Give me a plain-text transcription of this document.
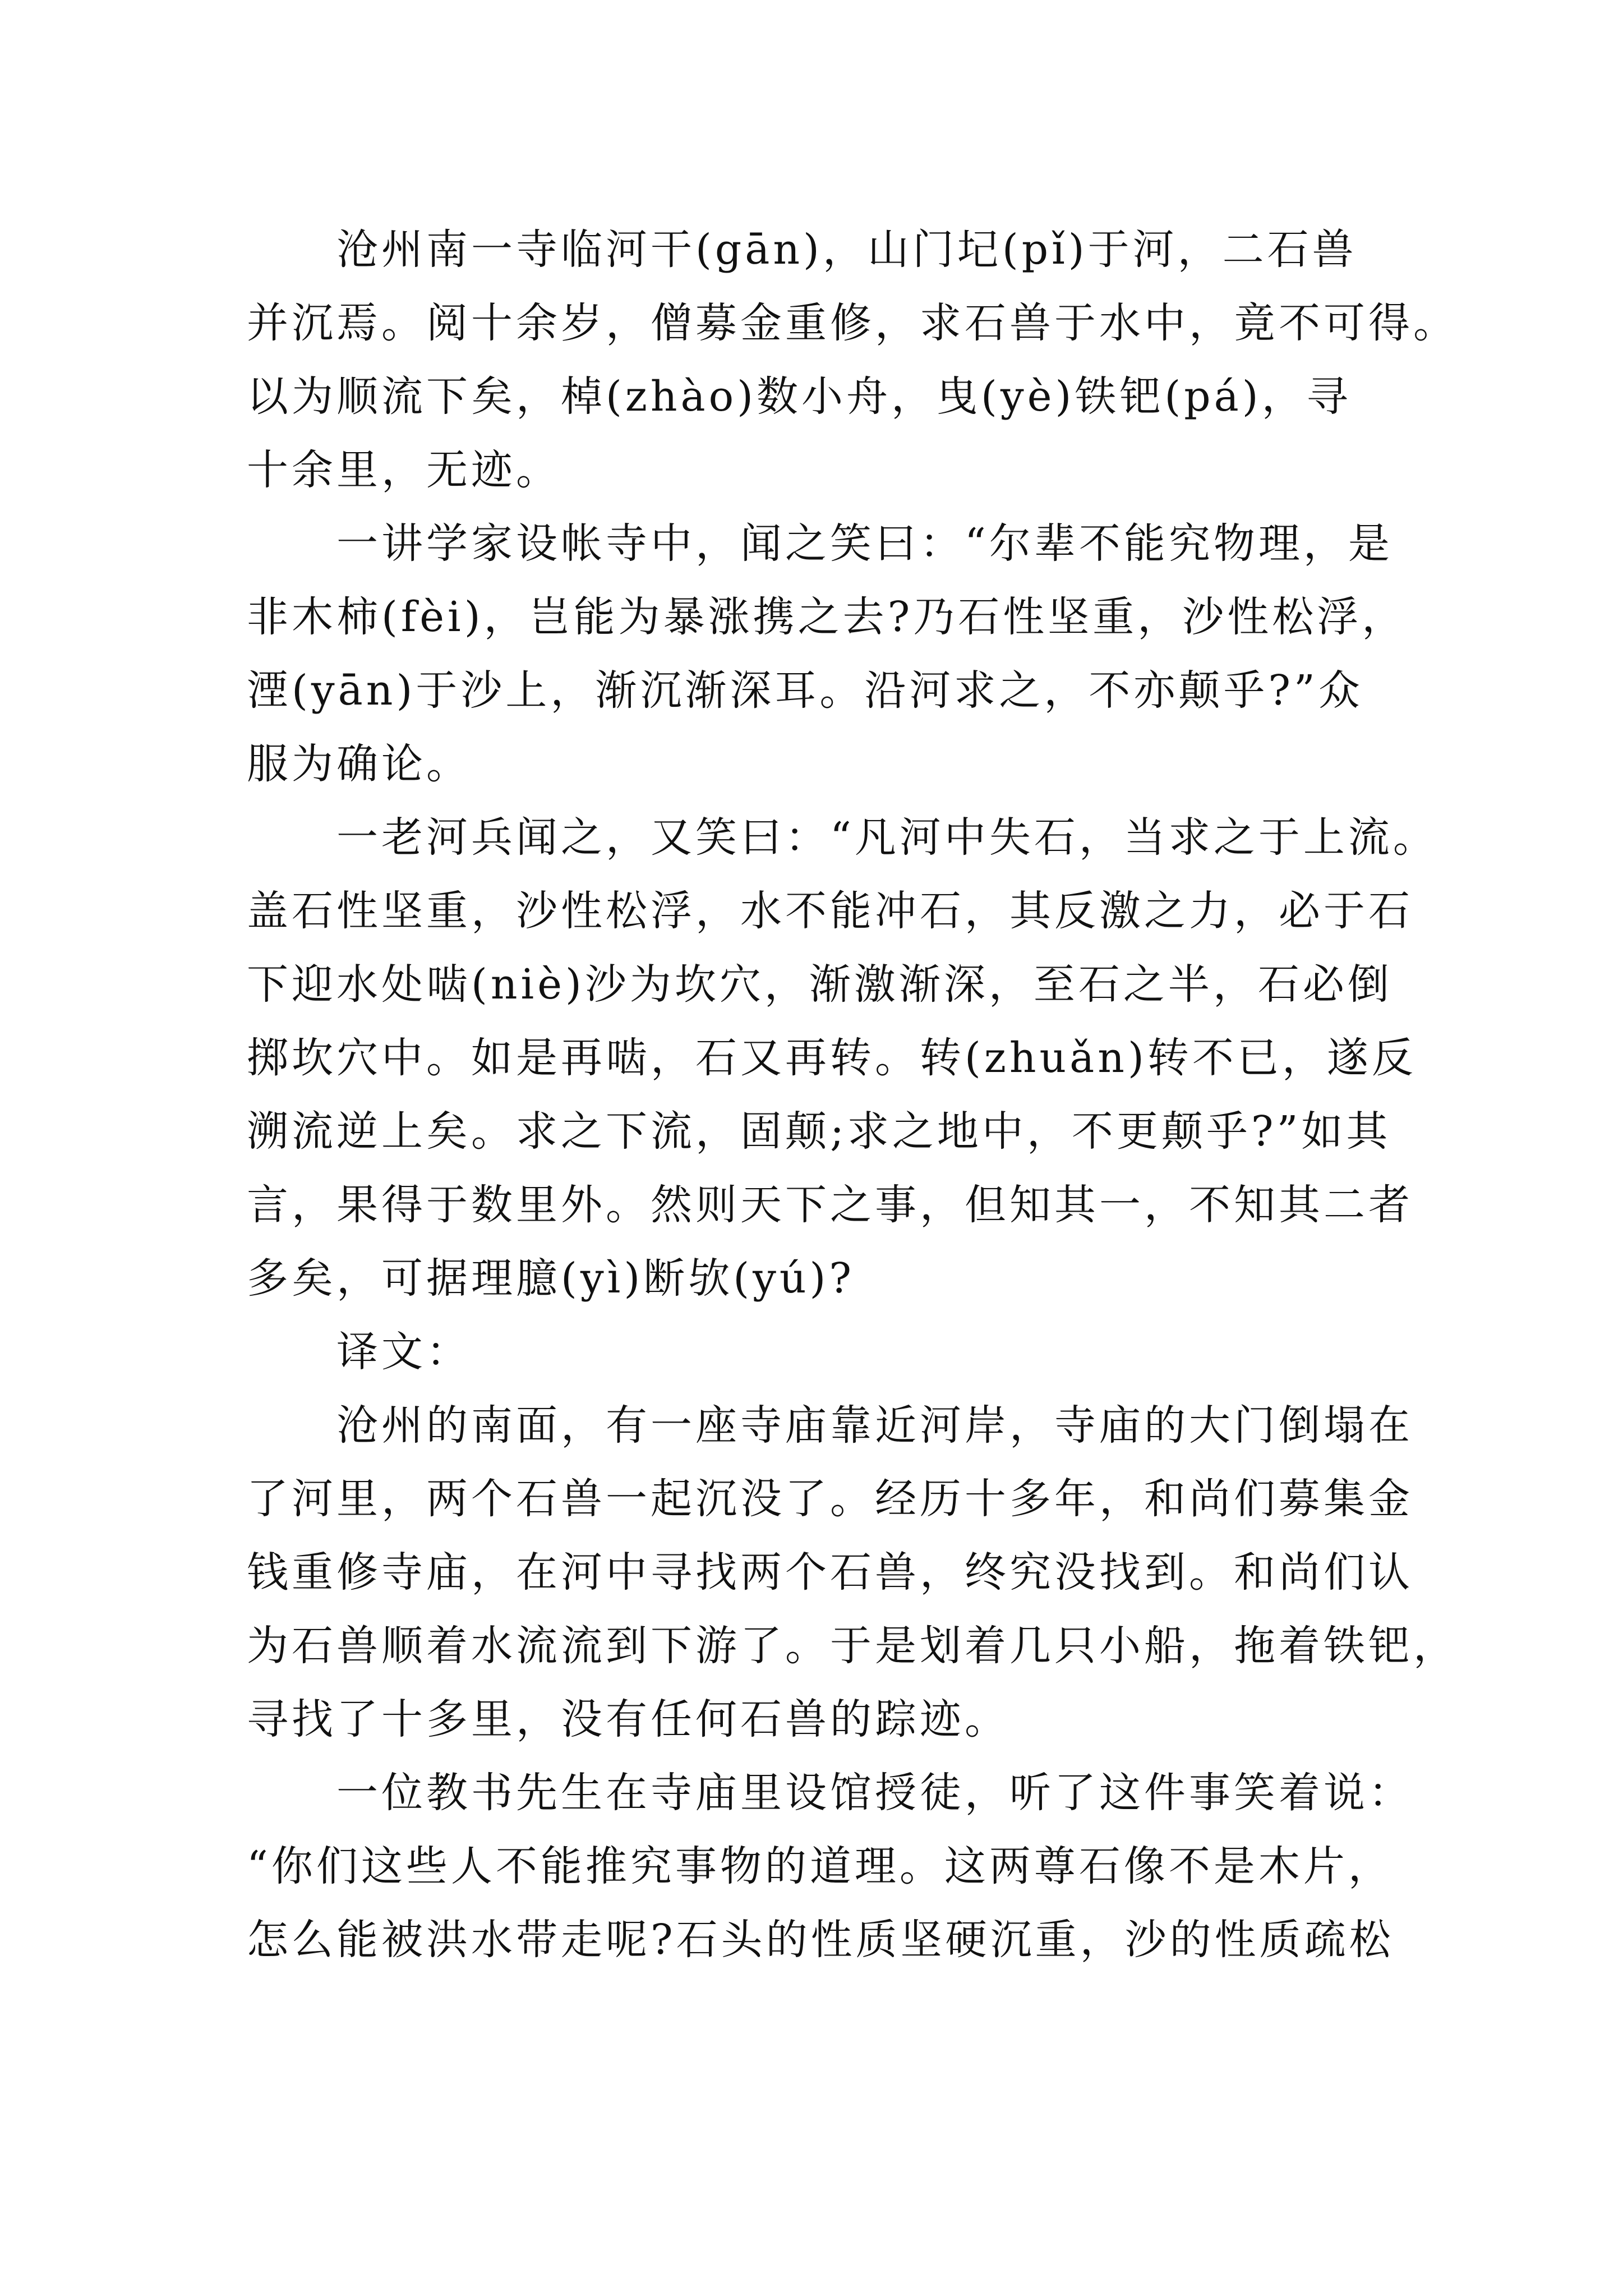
　　沧州南一寺临河干(gān)，山门圮(pǐ)于河，二石兽
并沉焉。阅十余岁，僧募金重修，求石兽于水中，竟不可得。
以为顺流下矣，棹(zhào)数小舟，曳(yè)铁钯(pá)，寻
十余里，无迹。
　　一讲学家设帐寺中，闻之笑曰：“尔辈不能究物理，是
非木柿(fèi)，岂能为暴涨携之去?乃石性坚重，沙性松浮，
湮(yān)于沙上，渐沉渐深耳。沿河求之，不亦颠乎?”众
服为确论。
　　一老河兵闻之，又笑曰：“凡河中失石，当求之于上流。
盖石性坚重，沙性松浮，水不能冲石，其反激之力，必于石
下迎水处啮(niè)沙为坎穴，渐激渐深，至石之半，石必倒
掷坎穴中。如是再啮，石又再转。转(zhuǎn)转不已，遂反
溯流逆上矣。求之下流，固颠;求之地中，不更颠乎?”如其
言，果得于数里外。然则天下之事，但知其一，不知其二者
多矣，可据理臆(yì)断欤(yú)?
　　译文：
　　沧州的南面，有一座寺庙靠近河岸，寺庙的大门倒塌在
了河里，两个石兽一起沉没了。经历十多年，和尚们募集金
钱重修寺庙，在河中寻找两个石兽，终究没找到。和尚们认
为石兽顺着水流流到下游了。于是划着几只小船，拖着铁钯，
寻找了十多里，没有任何石兽的踪迹。
　　一位教书先生在寺庙里设馆授徒，听了这件事笑着说：
“你们这些人不能推究事物的道理。这两尊石像不是木片，
怎么能被洪水带走呢?石头的性质坚硬沉重，沙的性质疏松
